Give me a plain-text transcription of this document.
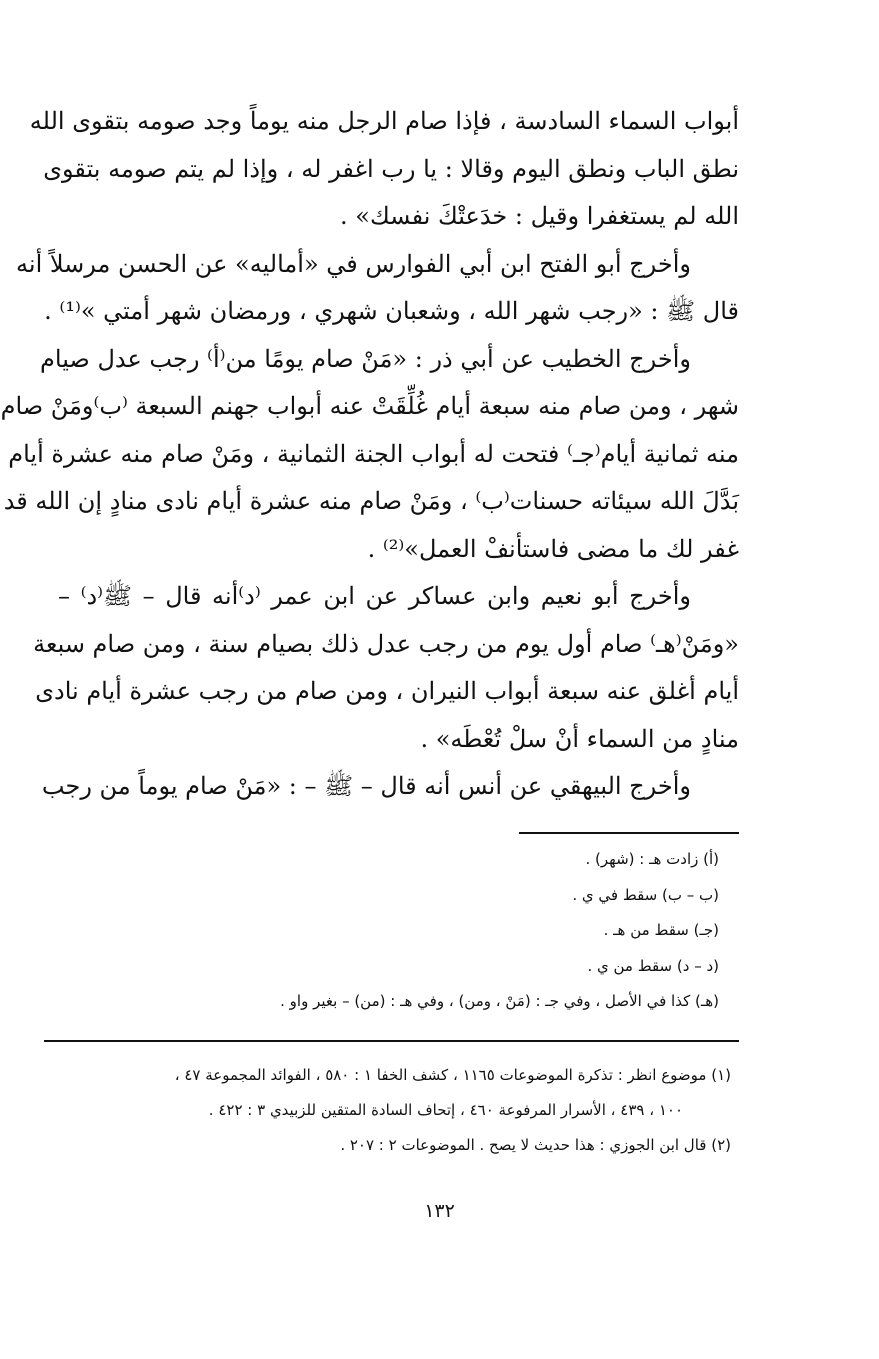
أبواب السماء السادسة ، فإذا صام الرجل منه يوماً وجد صومه بتقوى الله
نطق الباب ونطق اليوم وقالا : يا رب اغفر له ، وإذا لم يتم صومه بتقوى
الله لم يستغفرا وقيل : خدَعتْكَ نفسك» .
وأخرج أبو الفتح ابن أبي الفوارس في «أماليه» عن الحسن مرسلاً أنه
قال ﷺ : «رجب شهر الله ، وشعبان شهري ، ورمضان شهر أمتي »⁽¹⁾ .
وأخرج الخطيب عن أبي ذر : «مَنْ صام يومًا من⁽أ⁾ رجب عدل صيام
شهر ، ومن صام منه سبعة أيام غُلِّقَتْ عنه أبواب جهنم السبعة ⁽ب⁾ومَنْ صام
منه ثمانية أيام⁽جـ⁾ فتحت له أبواب الجنة الثمانية ، ومَنْ صام منه عشرة أيام
بَدَّلَ الله سيئاته حسنات⁽ب⁾ ، ومَنْ صام منه عشرة أيام نادى منادٍ إن الله قد
غفر لك ما مضى فاستأنفْ العمل»⁽²⁾ .
وأخرج أبو نعيم وابن عساكر عن ابن عمر ⁽د⁾أنه قال – ﷺ⁽د⁾ –
«ومَنْ⁽هـ⁾ صام أول يوم من رجب عدل ذلك بصيام سنة ، ومن صام سبعة
أيام أغلق عنه سبعة أبواب النيران ، ومن صام من رجب عشرة أيام نادى
منادٍ من السماء أنْ سلْ تُعْطَه» .
وأخرج البيهقي عن أنس أنه قال – ﷺ – : «مَنْ صام يوماً من رجب
(أ) زادت هـ : (شهر) .
(ب – ب) سقط في ي .
(جـ) سقط من هـ .
(د – د) سقط من ي .
(هـ) كذا في الأصل ، وفي جـ : (مَنْ ، ومن) ، وفي هـ : (من) – بغير واو .
(١) موضوع انظر : تذكرة الموضوعات ١١٦٥ ، كشف الخفا ١ : ٥٨٠ ، الفوائد المجموعة ٤٧ ،
١٠٠ ، ٤٣٩ ، الأسرار المرفوعة ٤٦٠ ، إتحاف السادة المتقين للزبيدي ٣ : ٤٢٢ .
(٢) قال ابن الجوزي : هذا حديث لا يصح . الموضوعات ٢ : ٢٠٧ .
١٣٢
